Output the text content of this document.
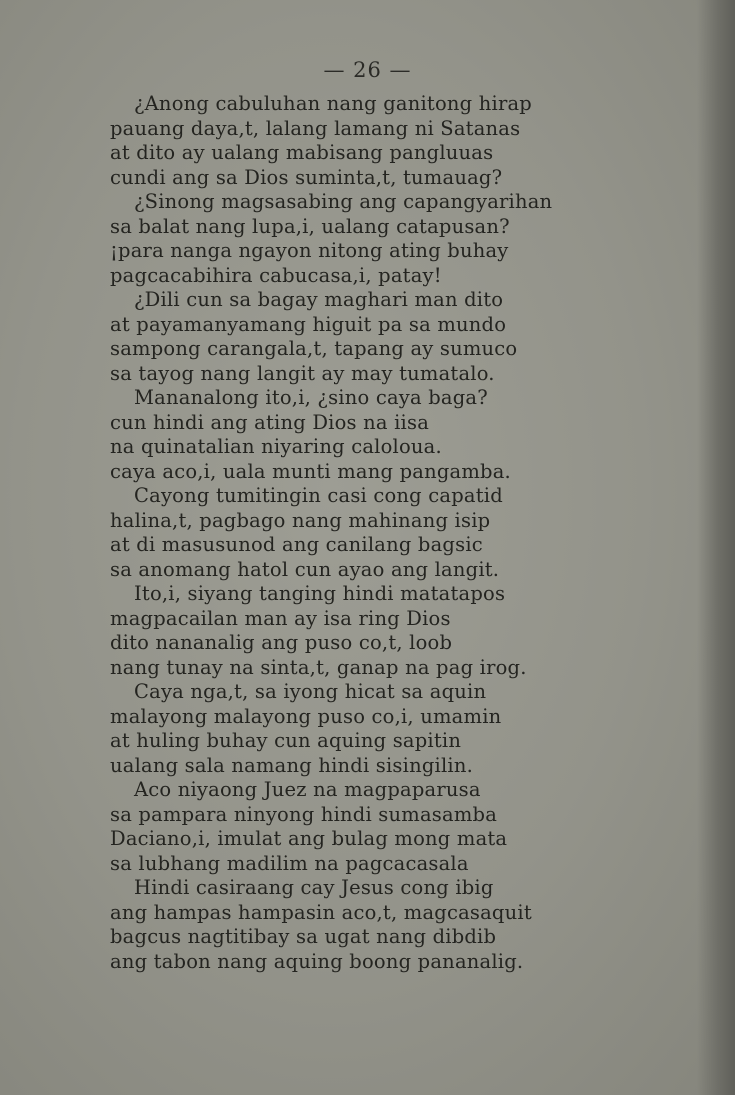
— 26 —
¿Anong cabuluhan nang ganitong hirap
pauang daya,t, lalang lamang ni Satanas
at dito ay ualang mabisang pangluuas
cundi ang sa Dios suminta,t, tumauag?
¿Sinong magsasabing ang capangyarihan
sa balat nang lupa,i, ualang catapusan?
¡para nanga ngayon nitong ating buhay
pagcacabihira cabucasa,i, patay!
¿Dili cun sa bagay maghari man dito
at payamanyamang higuit pa sa mundo
sampong carangala,t, tapang ay sumuco
sa tayog nang langit ay may tumatalo.
Mananalong ito,i, ¿sino caya baga?
cun hindi ang ating Dios na iisa
na quinatalian niyaring caloloua.
caya aco,i, uala munti mang pangamba.
Cayong tumitingin casi cong capatid
halina,t, pagbago nang mahinang isip
at di masusunod ang canilang bagsic
sa anomang hatol cun ayao ang langit.
Ito,i, siyang tanging hindi matatapos
magpacailan man ay isa ring Dios
dito nananalig ang puso co,t, loob
nang tunay na sinta,t, ganap na pag irog.
Caya nga,t, sa iyong hicat sa aquin
malayong malayong puso co,i, umamin
at huling buhay cun aquing sapitin
ualang sala namang hindi sisingilin.
Aco niyaong Juez na magpaparusa
sa pampara ninyong hindi sumasamba
Daciano,i, imulat ang bulag mong mata
sa lubhang madilim na pagcacasala
Hindi casiraang cay Jesus cong ibig
ang hampas hampasin aco,t, magcasaquit
bagcus nagtitibay sa ugat nang dibdib
ang tabon nang aquing boong pananalig.
